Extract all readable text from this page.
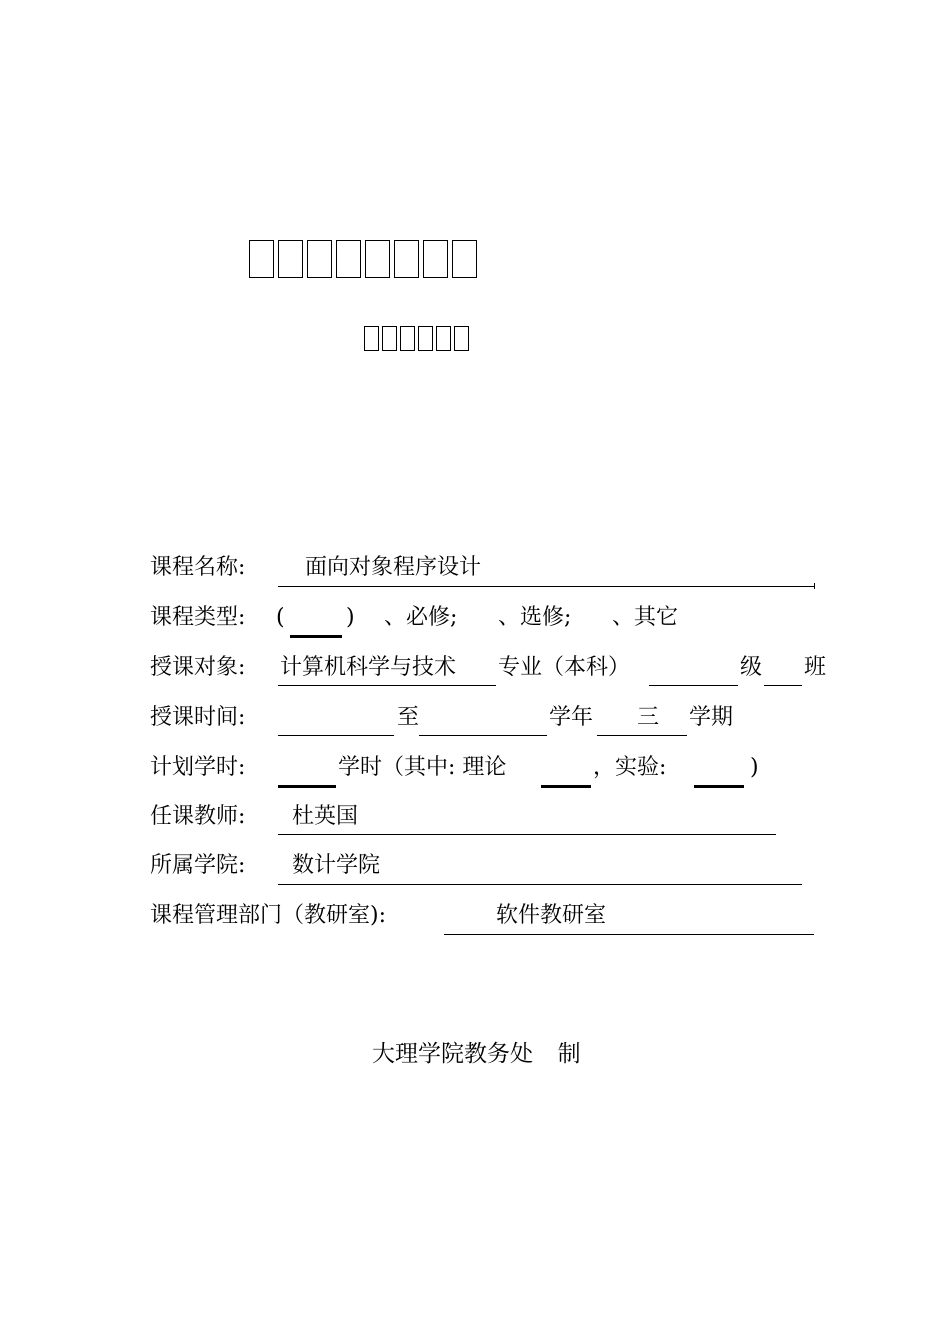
课程名称:	面向对象程序设计
课程类型: (	) 、必修; 、选修; 、其它
授课对象: 计算机科学与技术 专业（本科）	级 班
授课时间:	至	学年 三 学期
计划学时:	学时（其中: 理论	，实验:	)
任课教师: 杜英国
所属学院: 数计学院
课程管理部门（教研室):	软件教研室
大理学院教务处 制
